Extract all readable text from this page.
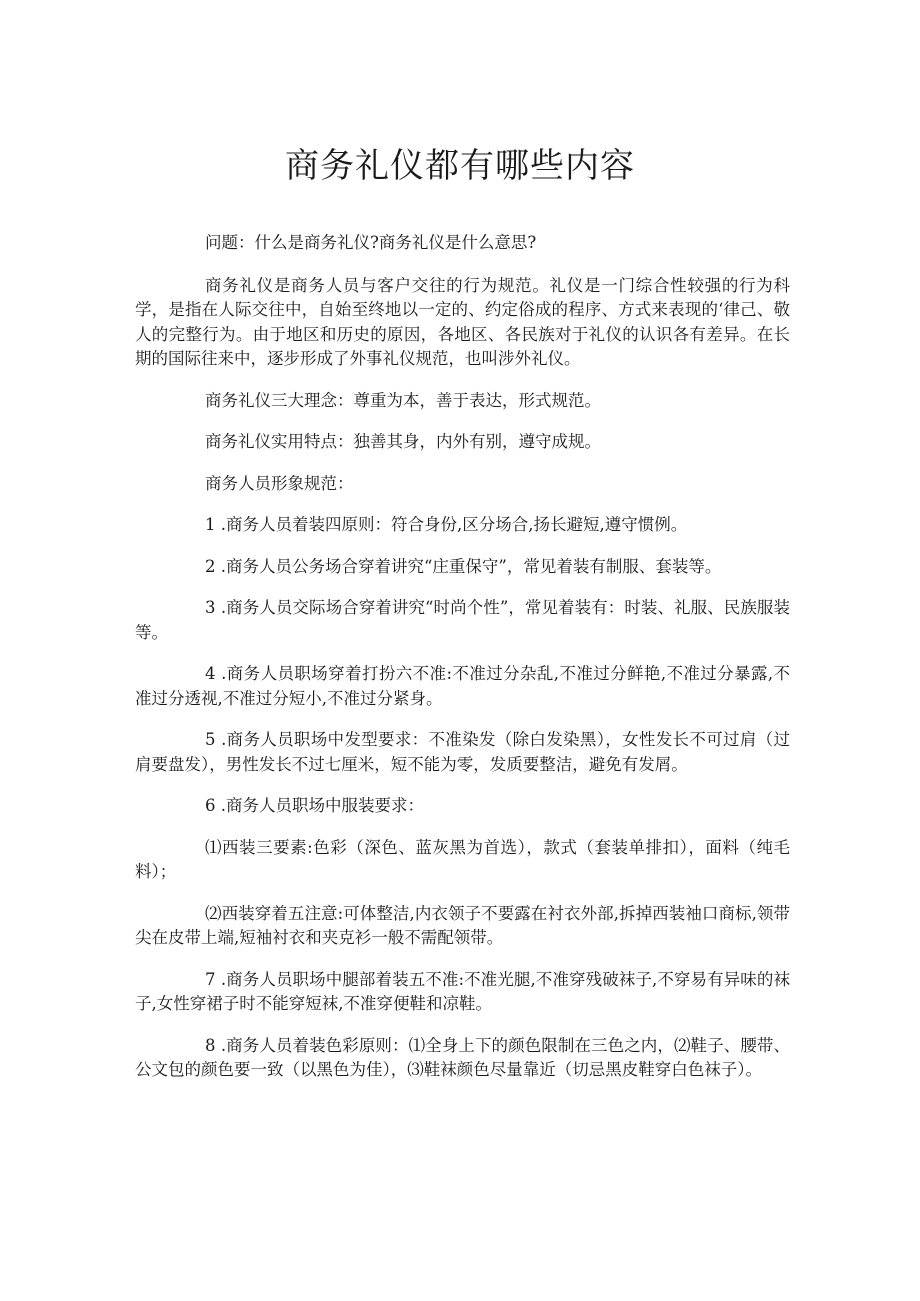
商务礼仪都有哪些内容

问题：什么是商务礼仪?商务礼仪是什么意思?

商务礼仪是商务人员与客户交往的行为规范。礼仪是一门综合性较强的行为科学，是指在人际交往中，自始至终地以一定的、约定俗成的程序、方式来表现的‘律己、敬人的完整行为。由于地区和历史的原因，各地区、各民族对于礼仪的认识各有差异。在长期的国际往来中，逐步形成了外事礼仪规范，也叫涉外礼仪。

商务礼仪三大理念：尊重为本，善于表达，形式规范。

商务礼仪实用特点：独善其身，内外有别，遵守成规。

商务人员形象规范：

1 .商务人员着装四原则：符合身份,区分场合,扬长避短,遵守惯例。

2 .商务人员公务场合穿着讲究“庄重保守”，常见着装有制服、套装等。

3 .商务人员交际场合穿着讲究“时尚个性”，常见着装有：时装、礼服、民族服装等。

4 .商务人员职场穿着打扮六不准:不准过分杂乱,不准过分鲜艳,不准过分暴露,不准过分透视,不准过分短小,不准过分紧身。

5 .商务人员职场中发型要求：不准染发（除白发染黑），女性发长不可过肩（过肩要盘发），男性发长不过七厘米，短不能为零，发质要整洁，避免有发屑。

6 .商务人员职场中服装要求：

⑴西装三要素:色彩（深色、蓝灰黑为首选），款式（套装单排扣），面料（纯毛料）；

⑵西装穿着五注意:可体整洁,内衣领子不要露在衬衣外部,拆掉西装袖口商标,领带尖在皮带上端,短袖衬衣和夹克衫一般不需配领带。

7 .商务人员职场中腿部着装五不准:不准光腿,不准穿残破袜子,不穿易有异味的袜子,女性穿裙子时不能穿短袜,不准穿便鞋和凉鞋。

8 .商务人员着装色彩原则：⑴全身上下的颜色限制在三色之内，⑵鞋子、腰带、公文包的颜色要一致（以黑色为佳），⑶鞋袜颜色尽量靠近（切忌黑皮鞋穿白色袜子）。
